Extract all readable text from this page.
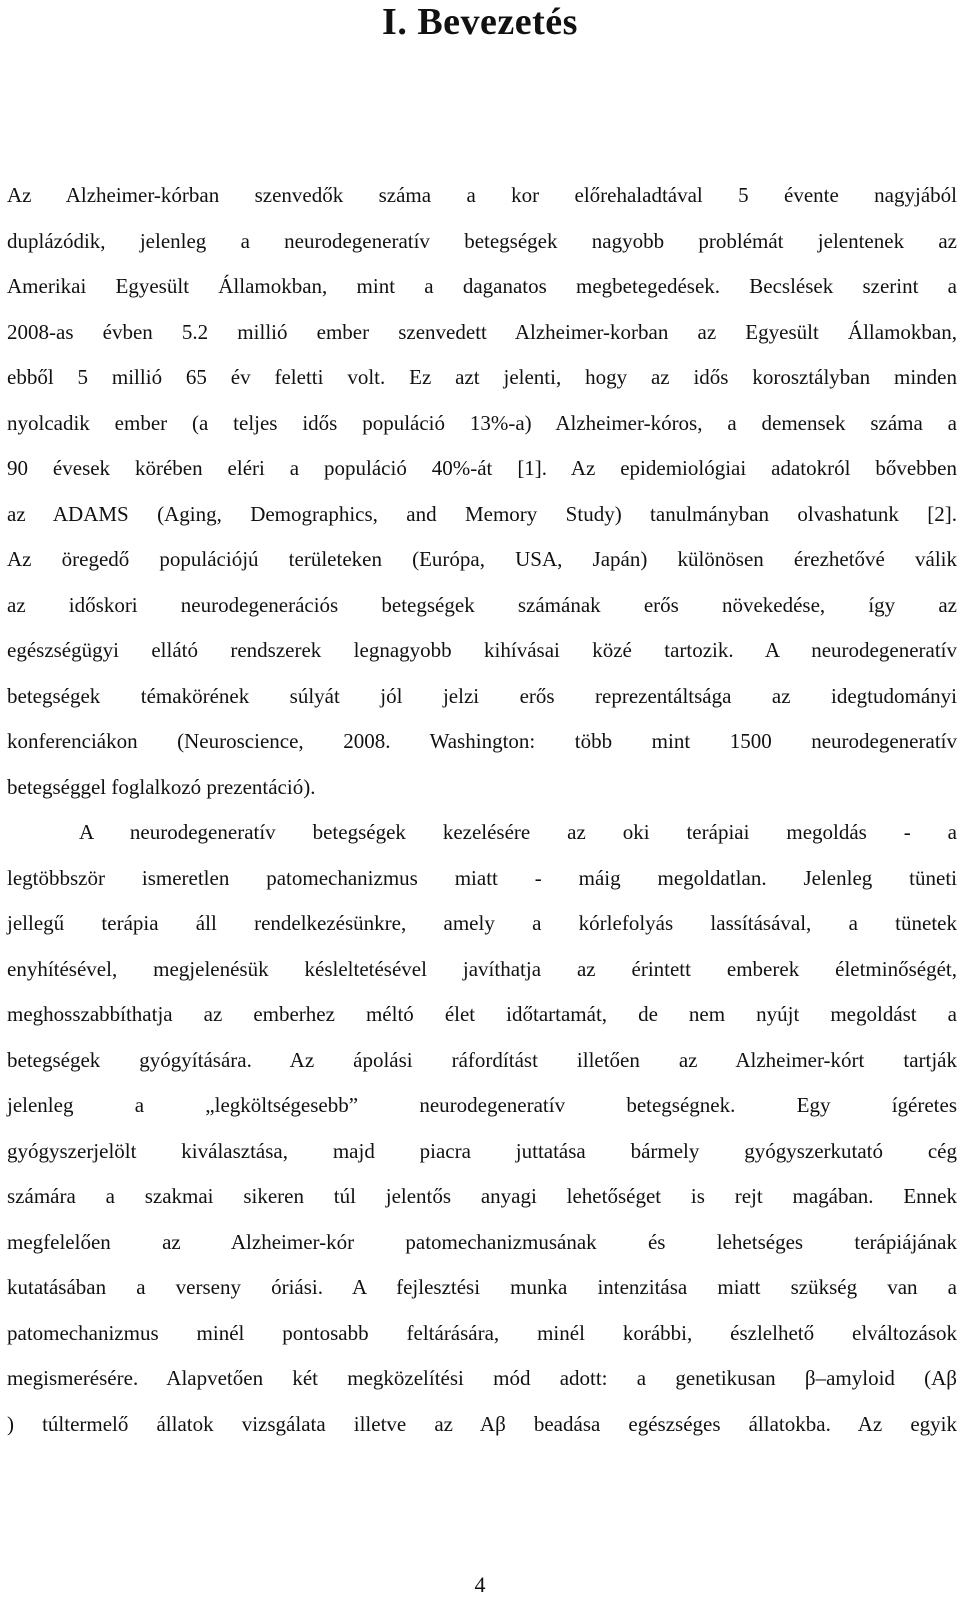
I. Bevezetés

Az Alzheimer-kórban szenvedők száma a kor előrehaladtával 5 évente nagyjából
duplázódik, jelenleg a neurodegeneratív betegségek nagyobb problémát jelentenek az
Amerikai Egyesült Államokban, mint a daganatos megbetegedések. Becslések szerint a
2008-as évben 5.2 millió ember szenvedett Alzheimer-korban az Egyesült Államokban,
ebből 5 millió 65 év feletti volt. Ez azt jelenti, hogy az idős korosztályban minden
nyolcadik ember (a teljes idős populáció 13%-a) Alzheimer-kóros, a demensek száma a
90 évesek körében eléri a populáció 40%-át [1]. Az epidemiológiai adatokról bővebben
az ADAMS (Aging, Demographics, and Memory Study) tanulmányban olvashatunk [2].
Az öregedő populációjú területeken (Európa, USA, Japán) különösen érezhetővé válik
az időskori neurodegenerációs betegségek számának erős növekedése, így az
egészségügyi ellátó rendszerek legnagyobb kihívásai közé tartozik. A neurodegeneratív
betegségek témakörének súlyát jól jelzi erős reprezentáltsága az idegtudományi
konferenciákon (Neuroscience, 2008. Washington: több mint 1500 neurodegeneratív
betegséggel foglalkozó prezentáció).

A neurodegeneratív betegségek kezelésére az oki terápiai megoldás - a
legtöbbször ismeretlen patomechanizmus miatt - máig megoldatlan. Jelenleg tüneti
jellegű terápia áll rendelkezésünkre, amely a kórlefolyás lassításával, a tünetek
enyhítésével, megjelenésük késleltetésével javíthatja az érintett emberek életminőségét,
meghosszabbíthatja az emberhez méltó élet időtartamát, de nem nyújt megoldást a
betegségek gyógyítására. Az ápolási ráfordítást illetően az Alzheimer-kórt tartják
jelenleg a „legköltségesebb” neurodegeneratív betegségnek. Egy ígéretes
gyógyszerjelölt kiválasztása, majd piacra juttatása bármely gyógyszerkutató cég
számára a szakmai sikeren túl jelentős anyagi lehetőséget is rejt magában. Ennek
megfelelően az Alzheimer-kór patomechanizmusának és lehetséges terápiájának
kutatásában a verseny óriási. A fejlesztési munka intenzitása miatt szükség van a
patomechanizmus minél pontosabb feltárására, minél korábbi, észlelhető elváltozások
megismerésére. Alapvetően két megközelítési mód adott: a genetikusan β–amyloid (Aβ
) túltermelő állatok vizsgálata illetve az Aβ beadása egészséges állatokba. Az egyik

4
